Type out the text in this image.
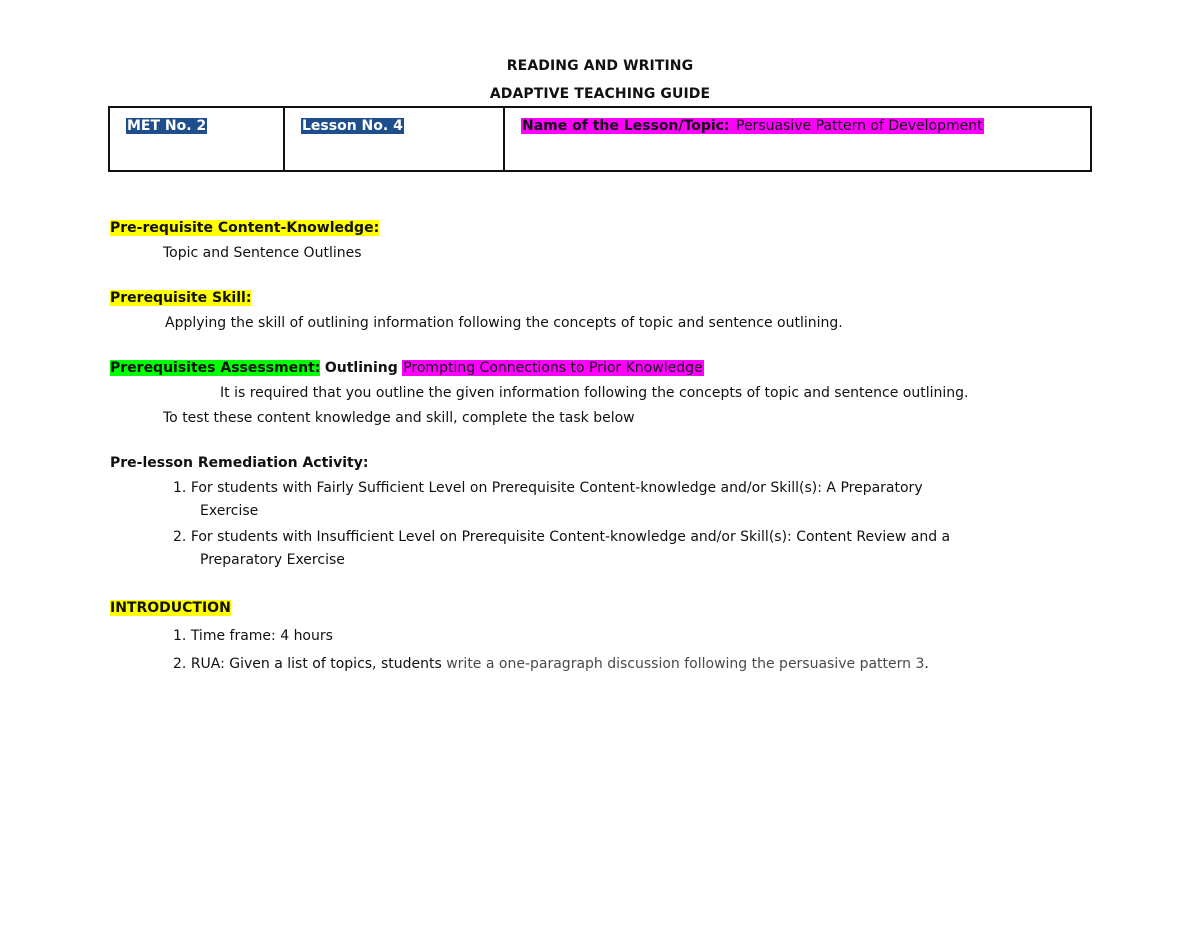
READING AND WRITING
ADAPTIVE TEACHING GUIDE
MET No. 2	Lesson No. 4	Name of the Lesson/Topic: Persuasive Pattern of Development
Pre-requisite Content-Knowledge:
Topic and Sentence Outlines
Prerequisite Skill:
Applying the skill of outlining information following the concepts of topic and sentence outlining.
Prerequisites Assessment: Outlining Prompting Connections to Prior Knowledge
It is required that you outline the given information following the concepts of topic and sentence outlining.
To test these content knowledge and skill, complete the task below
Pre-lesson Remediation Activity:
1. For students with Fairly Sufficient Level on Prerequisite Content-knowledge and/or Skill(s): A Preparatory
Exercise
2. For students with Insufficient Level on Prerequisite Content-knowledge and/or Skill(s): Content Review and a
Preparatory Exercise
INTRODUCTION
1. Time frame: 4 hours
2. RUA: Given a list of topics, students write a one-paragraph discussion following the persuasive pattern 3.
